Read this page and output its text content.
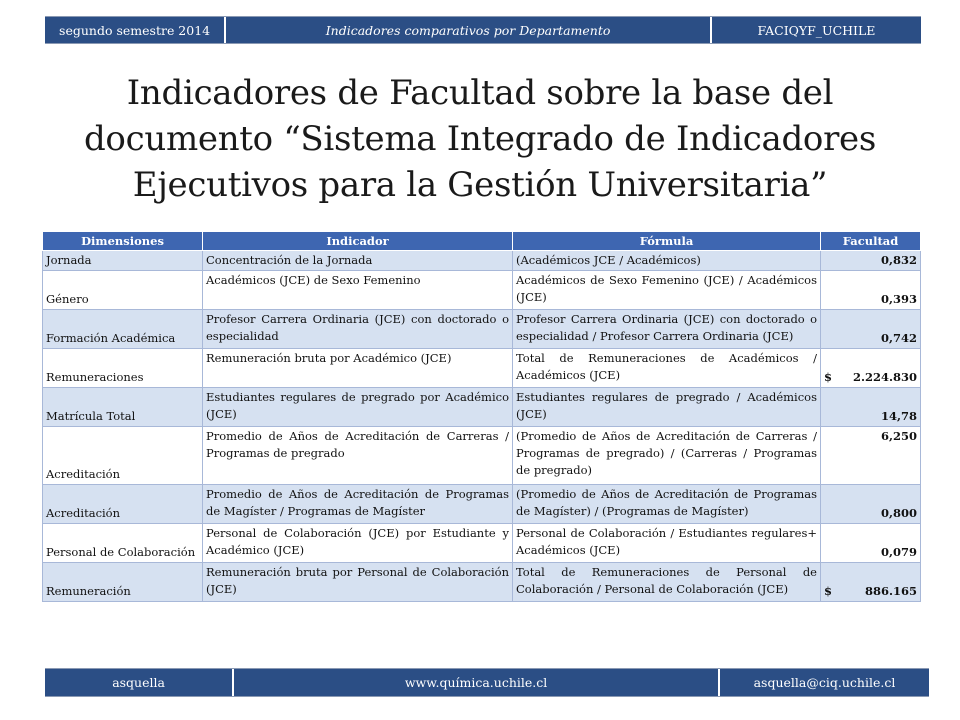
segundo semestre 2014	Indicadores comparativos por Departamento	FACIQYF_UCHILE
Indicadores de Facultad sobre la base del
documento “Sistema Integrado de Indicadores
Ejecutivos para la Gestión Universitaria”
Dimensiones	Indicador	Fórmula	Facultad
Jornada	Concentración de la Jornada	(Académicos JCE / Académicos)	0,832

Género	Académicos (JCE) de Sexo Femenino	Académicos de Sexo Femenino (JCE) / Académicos (JCE)	0,393

Formación Académica	Profesor Carrera Ordinaria (JCE) con doctorado o especialidad	Profesor Carrera Ordinaria (JCE) con doctorado o especialidad / Profesor Carrera Ordinaria (JCE)	0,742

Remuneraciones	Remuneración bruta por Académico (JCE)	Total de Remuneraciones de Académicos / Académicos (JCE)	$ 2.224.830

Matrícula Total	Estudiantes regulares de pregrado por Académico (JCE)	Estudiantes regulares de pregrado / Académicos (JCE)	14,78

Acreditación	Promedio de Años de Acreditación de Carreras / Programas de pregrado	(Promedio de Años de Acreditación de Carreras / Programas de pregrado) / (Carreras / Programas de pregrado)	6,250

Acreditación	Promedio de Años de Acreditación de Programas de Magíster / Programas de Magíster	(Promedio de Años de Acreditación de Programas de Magíster) / (Programas de Magíster)	0,800

Personal de Colaboración	Personal de Colaboración (JCE) por Estudiante y Académico (JCE)	Personal de Colaboración / Estudiantes regulares+ Académicos (JCE)	0,079

Remuneración	Remuneración bruta por Personal de Colaboración (JCE)	Total de Remuneraciones de Personal de Colaboración / Personal de Colaboración (JCE)	$ 886.165
asquella	www.química.uchile.cl	asquella@ciq.uchile.cl
